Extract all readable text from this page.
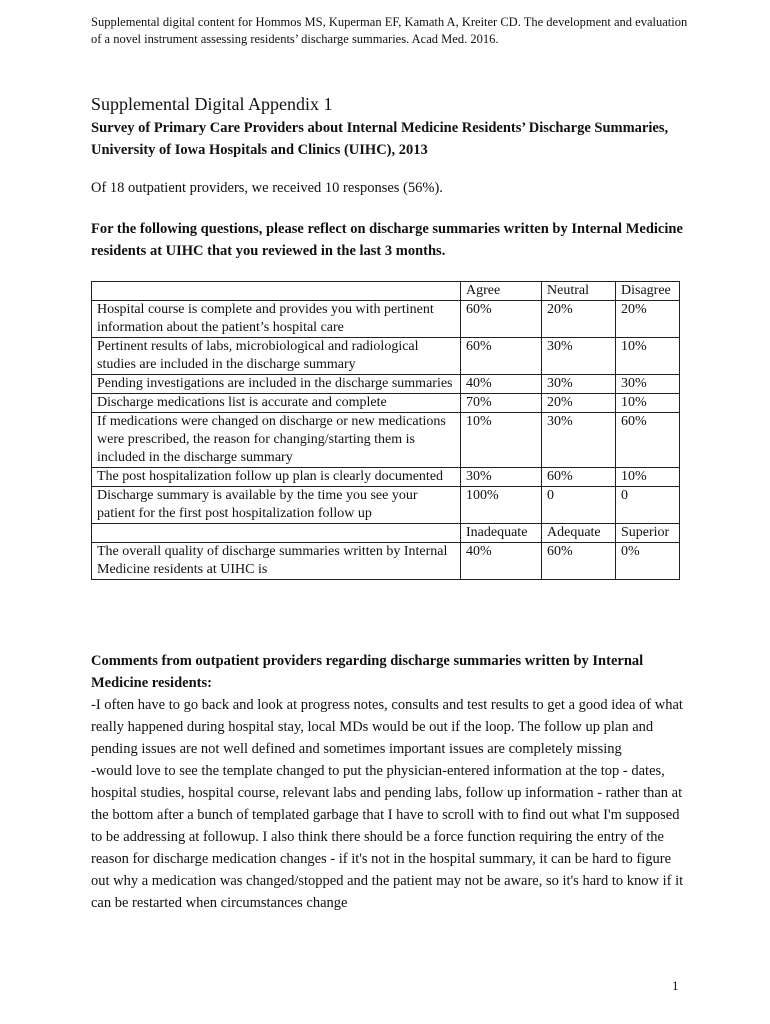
Supplemental digital content for Hommos MS, Kuperman EF, Kamath A, Kreiter CD. The development and evaluation of a novel instrument assessing residents’ discharge summaries. Acad Med. 2016.
Supplemental Digital Appendix 1
Survey of Primary Care Providers about Internal Medicine Residents’ Discharge Summaries, University of Iowa Hospitals and Clinics (UIHC), 2013
Of 18 outpatient providers, we received 10 responses (56%).
For the following questions, please reflect on discharge summaries written by Internal Medicine residents at UIHC that you reviewed in the last 3 months.
	Agree	Neutral	Disagree
Hospital course is complete and provides you with pertinent information about the patient’s hospital care	60%	20%	20%
Pertinent results of labs, microbiological and radiological studies are included in the discharge summary	60%	30%	10%
Pending investigations are included in the discharge summaries	40%	30%	30%
Discharge medications list is accurate and complete	70%	20%	10%
If medications were changed on discharge or new medications were prescribed, the reason for changing/starting them is included in the discharge summary	10%	30%	60%
The post hospitalization follow up plan is clearly documented	30%	60%	10%
Discharge summary is available by the time you see your patient for the first post hospitalization follow up	100%	0	0
	Inadequate	Adequate	Superior
The overall quality of discharge summaries written by Internal Medicine residents at UIHC is	40%	60%	0%
Comments from outpatient providers regarding discharge summaries written by Internal Medicine residents:

-I often have to go back and look at progress notes, consults and test results to get a good idea of what really happened during hospital stay, local MDs would be out if the loop. The follow up plan and pending issues are not well defined and sometimes important issues are completely missing

-would love to see the template changed to put the physician-entered information at the top - dates, hospital studies, hospital course, relevant labs and pending labs, follow up information - rather than at the bottom after a bunch of templated garbage that I have to scroll with to find out what I'm supposed to be addressing at followup. I also think there should be a force function requiring the entry of the reason for discharge medication changes - if it's not in the hospital summary, it can be hard to figure out why a medication was changed/stopped and the patient may not be aware, so it's hard to know if it can be restarted when circumstances change

1
